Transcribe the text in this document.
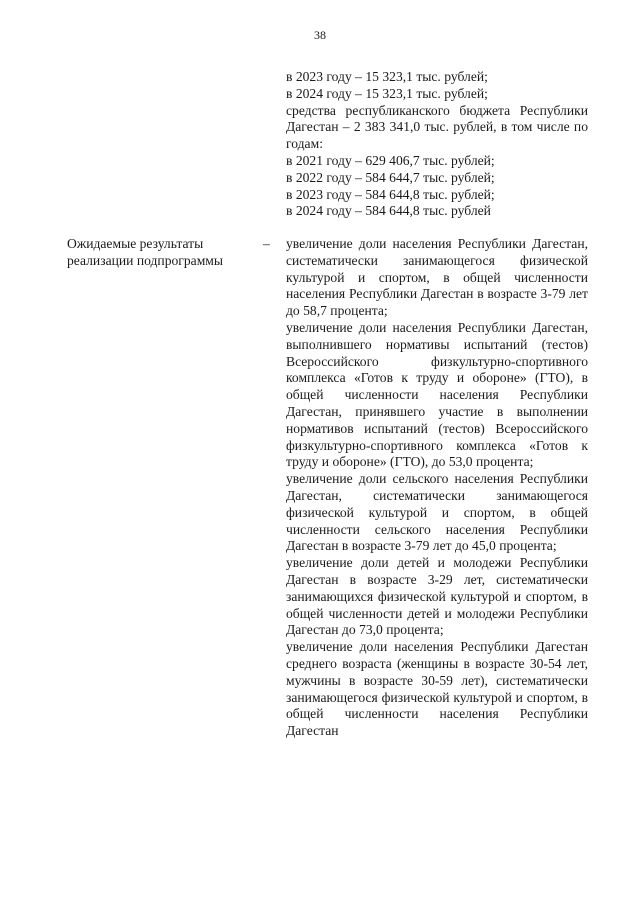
38
в 2023 году – 15 323,1 тыс. рублей;
в 2024 году – 15 323,1 тыс. рублей;
средства республиканского бюджета Республики Дагестан – 2 383 341,0 тыс. рублей, в том числе по годам:
в 2021 году – 629 406,7 тыс. рублей;
в 2022 году – 584 644,7 тыс. рублей;
в 2023 году – 584 644,8 тыс. рублей;
в 2024 году – 584 644,8 тыс. рублей
Ожидаемые результаты реализации подпрограммы
– увеличение доли населения Республики Дагестан, систематически занимающегося физической культурой и спортом, в общей численности населения Республики Дагестан в возрасте 3-79 лет до 58,7 процента;

увеличение доли населения Республики Дагестан, выполнившего нормативы испытаний (тестов) Всероссийского физкультурно-спортивного комплекса «Готов к труду и обороне» (ГТО), в общей численности населения Республики Дагестан, принявшего участие в выполнении нормативов испытаний (тестов) Всероссийского физкультурно-спортивного комплекса «Готов к труду и обороне» (ГТО), до 53,0 процента;

увеличение доли сельского населения Республики Дагестан, систематически занимающегося физической культурой и спортом, в общей численности сельского населения Республики Дагестан в возрасте 3-79 лет до 45,0 процента;

увеличение доли детей и молодежи Республики Дагестан в возрасте 3-29 лет, систематически занимающихся физической культурой и спортом, в общей численности детей и молодежи Республики Дагестан до 73,0 процента;

увеличение доли населения Республики Дагестан среднего возраста (женщины в возрасте 30-54 лет, мужчины в возрасте 30-59 лет), систематически занимающегося физической культурой и спортом, в общей численности населения Республики Дагестан
